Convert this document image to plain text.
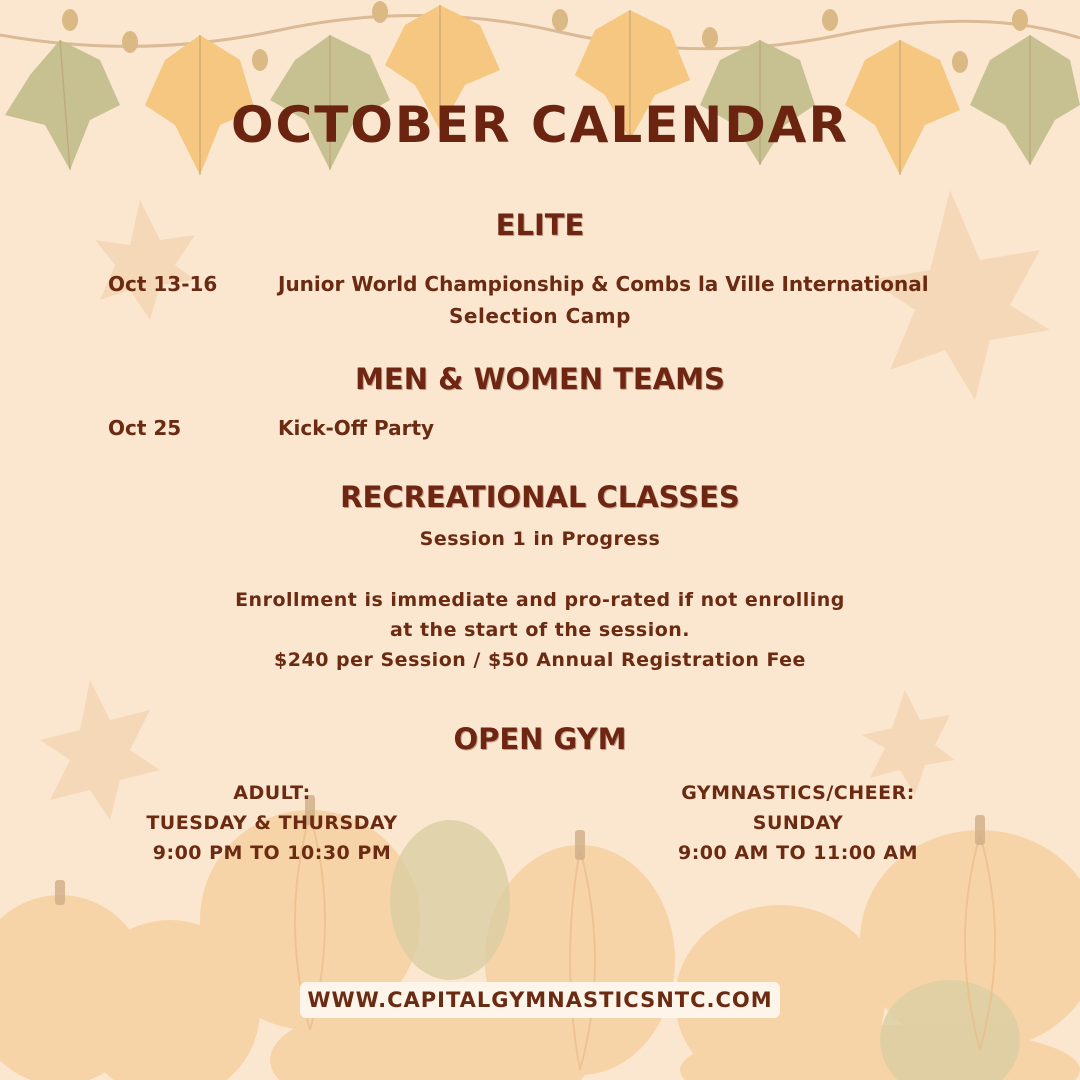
OCTOBER CALENDAR
ELITE
Oct 13-16	Junior World Championship & Combs la Ville International
Selection Camp
MEN & WOMEN TEAMS
Oct 25	Kick-Off Party
RECREATIONAL CLASSES
Session 1 in Progress
Enrollment is immediate and pro-rated if not enrolling
at the start of the session.
$240 per Session / $50 Annual Registration Fee
OPEN GYM
ADULT:
TUESDAY & THURSDAY
9:00 PM TO 10:30 PM
GYMNASTICS/CHEER:
SUNDAY
9:00 AM TO 11:00 AM
WWW.CAPITALGYMNASTICSNTC.COM
